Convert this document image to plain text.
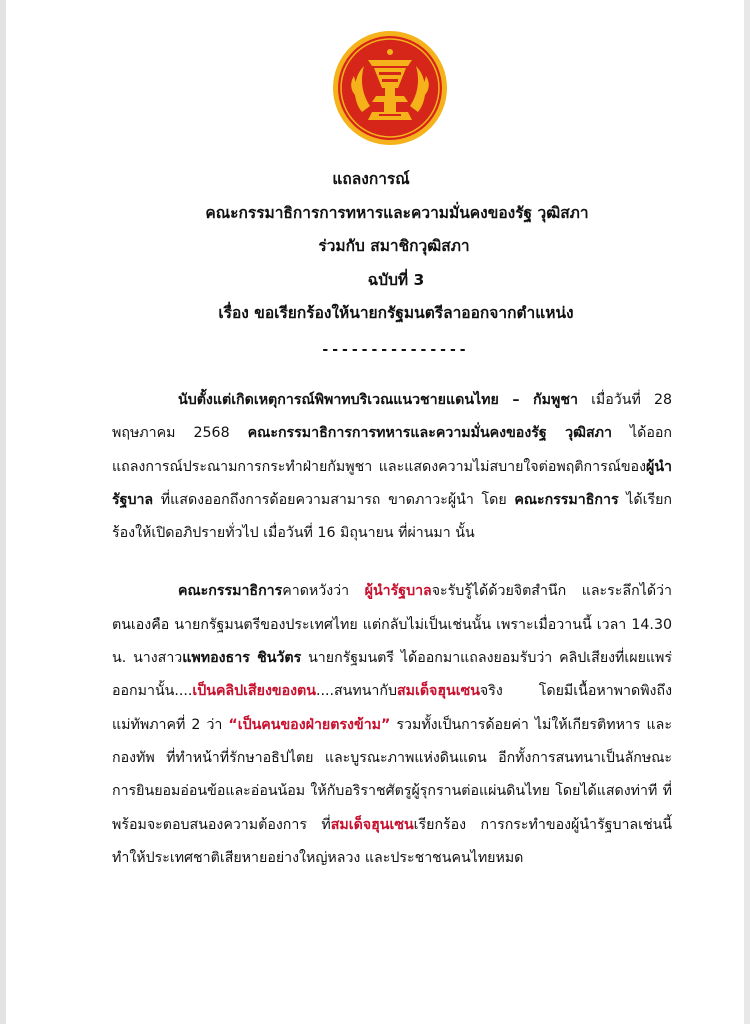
แถลงการณ์

คณะกรรมาธิการการทหารและความมั่นคงของรัฐ วุฒิสภา

ร่วมกับ สมาชิกวุฒิสภา

ฉบับที่ 3

เรื่อง ขอเรียกร้องให้นายกรัฐมนตรีลาออกจากตำแหน่ง

---------------

นับตั้งแต่เกิดเหตุการณ์พิพาทบริเวณแนวชายแดนไทย – กัมพูชา เมื่อวันที่ 28 พฤษภาคม 2568 คณะกรรมาธิการการทหารและความมั่นคงของรัฐ วุฒิสภา ได้ออกแถลงการณ์ประณามการกระทำฝ่ายกัมพูชา และแสดงความไม่สบายใจต่อพฤติการณ์ของผู้นำรัฐบาล ที่แสดงออกถึงการด้อยความสามารถ ขาดภาวะผู้นำ โดย คณะกรรมาธิการ ได้เรียกร้องให้เปิดอภิปรายทั่วไป เมื่อวันที่ 16 มิถุนายน ที่ผ่านมา นั้น

คณะกรรมาธิการคาดหวังว่า ผู้นำรัฐบาลจะรับรู้ได้ด้วยจิตสำนึก และระลึกได้ว่า ตนเองคือ นายกรัฐมนตรีของประเทศไทย แต่กลับไม่เป็นเช่นนั้น เพราะเมื่อวานนี้ เวลา 14.30 น. นางสาวแพทองธาร ชินวัตร นายกรัฐมนตรี ได้ออกมาแถลงยอมรับว่า คลิปเสียงที่เผยแพร่ออกมานั้น....เป็นคลิปเสียงของตน....สนทนากับสมเด็จฮุนเซนจริง โดยมีเนื้อหาพาดพิงถึงแม่ทัพภาคที่ 2 ว่า “เป็นคนของฝ่ายตรงข้าม” รวมทั้งเป็นการด้อยค่า ไม่ให้เกียรติทหาร และกองทัพ ที่ทำหน้าที่รักษาอธิปไตย และบูรณะภาพแห่งดินแดน อีกทั้งการสนทนาเป็นลักษณะการยินยอมอ่อนข้อและอ่อนน้อม ให้กับอริราชศัตรูผู้รุกรานต่อแผ่นดินไทย โดยได้แสดงท่าที ที่พร้อมจะตอบสนองความต้องการ ที่สมเด็จฮุนเซนเรียกร้อง การกระทำของผู้นำรัฐบาลเช่นนี้ ทำให้ประเทศชาติเสียหายอย่างใหญ่หลวง และประชาชนคนไทยหมด
